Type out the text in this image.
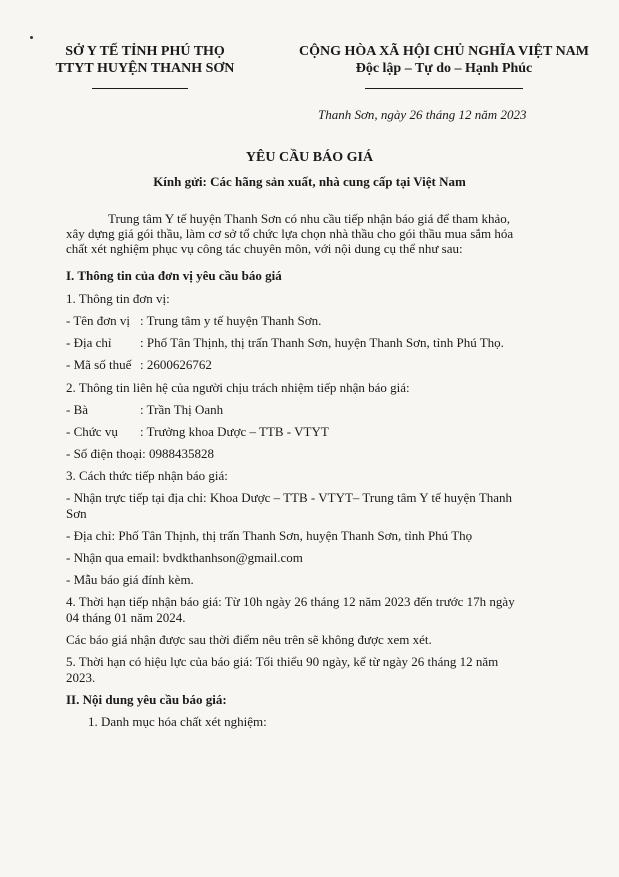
SỞ Y TẾ TỈNH PHÚ THỌ
TTYT HUYỆN THANH SƠN
CỘNG HÒA XÃ HỘI CHỦ NGHĨA VIỆT NAM
Độc lập – Tự do – Hạnh Phúc
Thanh Sơn, ngày 26 tháng 12 năm 2023
YÊU CẦU BÁO GIÁ
Kính gửi: Các hãng sản xuất, nhà cung cấp tại Việt Nam
Trung tâm Y tế huyện Thanh Sơn có nhu cầu tiếp nhận báo giá để tham khảo,
xây dựng giá gói thầu, làm cơ sở tổ chức lựa chọn nhà thầu cho gói thầu mua sắm hóa
chất xét nghiệm phục vụ công tác chuyên môn, với nội dung cụ thể như sau:
I. Thông tin của đơn vị yêu cầu báo giá
1. Thông tin đơn vị:
- Tên đơn vị : Trung tâm y tế huyện Thanh Sơn.
- Địa chỉ : Phố Tân Thịnh, thị trấn Thanh Sơn, huyện Thanh Sơn, tỉnh Phú Thọ.
- Mã số thuế : 2600626762
2. Thông tin liên hệ của người chịu trách nhiệm tiếp nhận báo giá:
- Bà	: Trần Thị Oanh
- Chức vụ : Trưởng khoa Dược – TTB - VTYT
- Số điện thoại: 0988435828
3. Cách thức tiếp nhận báo giá:
- Nhận trực tiếp tại địa chỉ: Khoa Dược – TTB - VTYT– Trung tâm Y tế huyện Thanh
Sơn
- Địa chỉ: Phố Tân Thịnh, thị trấn Thanh Sơn, huyện Thanh Sơn, tỉnh Phú Thọ
- Nhận qua email: bvdkthanhson@gmail.com
- Mẫu báo giá đính kèm.
4. Thời hạn tiếp nhận báo giá: Từ 10h ngày 26 tháng 12 năm 2023 đến trước 17h ngày
04 tháng 01 năm 2024.
Các báo giá nhận được sau thời điểm nêu trên sẽ không được xem xét.
5. Thời hạn có hiệu lực của báo giá: Tối thiểu 90 ngày, kể từ ngày 26 tháng 12 năm
2023.
II. Nội dung yêu cầu báo giá:
1. Danh mục hóa chất xét nghiệm:
